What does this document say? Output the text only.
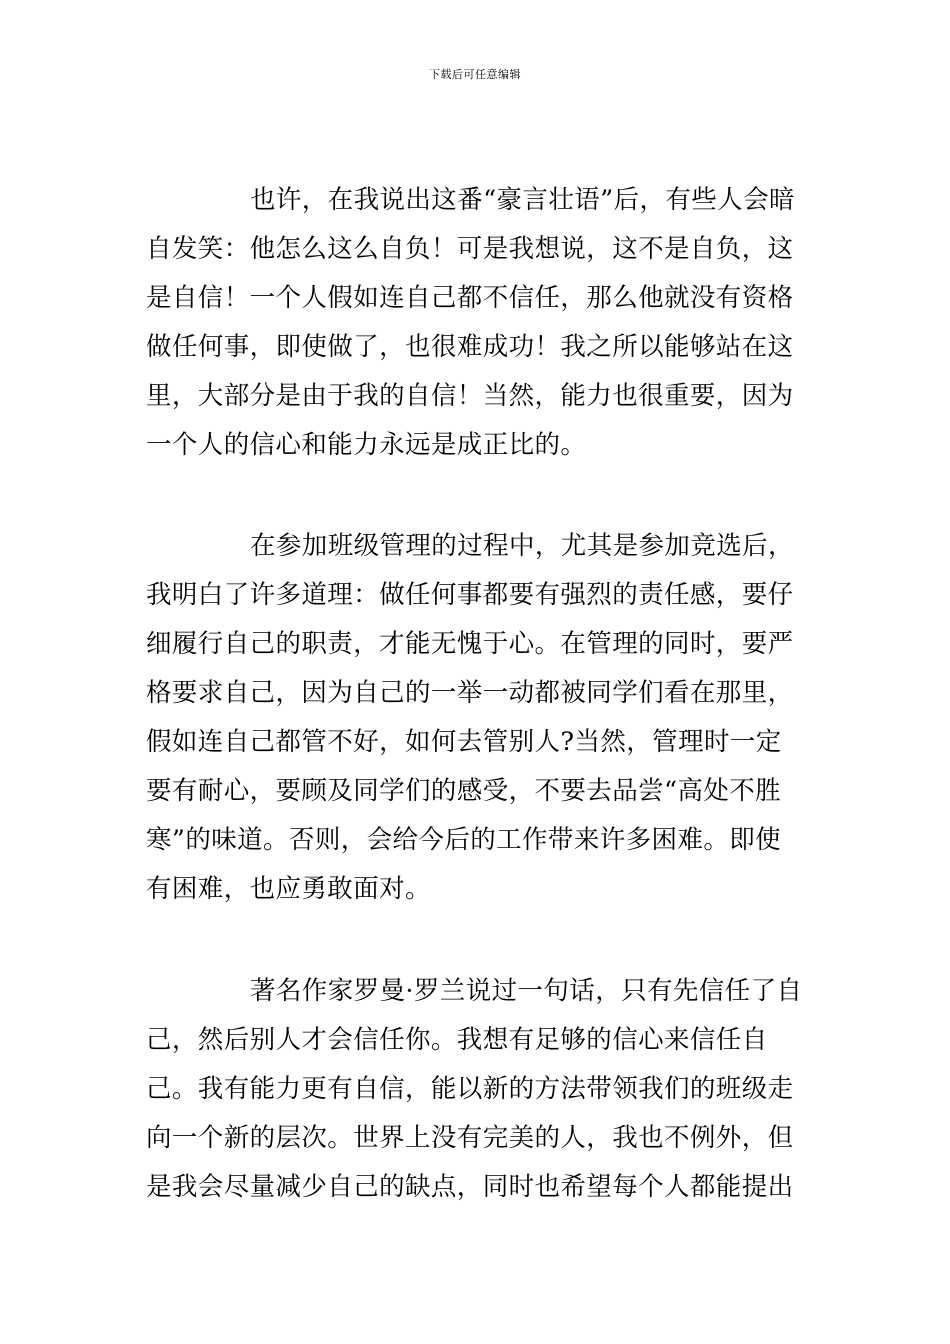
下载后可任意编辑

也许，在我说出这番“豪言壮语”后，有些人会暗自发笑：他怎么这么自负！可是我想说，这不是自负，这是自信！一个人假如连自己都不信任，那么他就没有资格做任何事，即使做了，也很难成功！我之所以能够站在这里，大部分是由于我的自信！当然，能力也很重要，因为一个人的信心和能力永远是成正比的。

在参加班级管理的过程中，尤其是参加竞选后，我明白了许多道理：做任何事都要有强烈的责任感，要仔细履行自己的职责，才能无愧于心。在管理的同时，要严格要求自己，因为自己的一举一动都被同学们看在那里，假如连自己都管不好，如何去管别人?当然，管理时一定要有耐心，要顾及同学们的感受，不要去品尝“高处不胜寒”的味道。否则，会给今后的工作带来许多困难。即使有困难，也应勇敢面对。

著名作家罗曼·罗兰说过一句话，只有先信任了自己，然后别人才会信任你。我想有足够的信心来信任自己。我有能力更有自信，能以新的方法带领我们的班级走向一个新的层次。世界上没有完美的人，我也不例外，但是我会尽量减少自己的缺点，同时也希望每个人都能提出
